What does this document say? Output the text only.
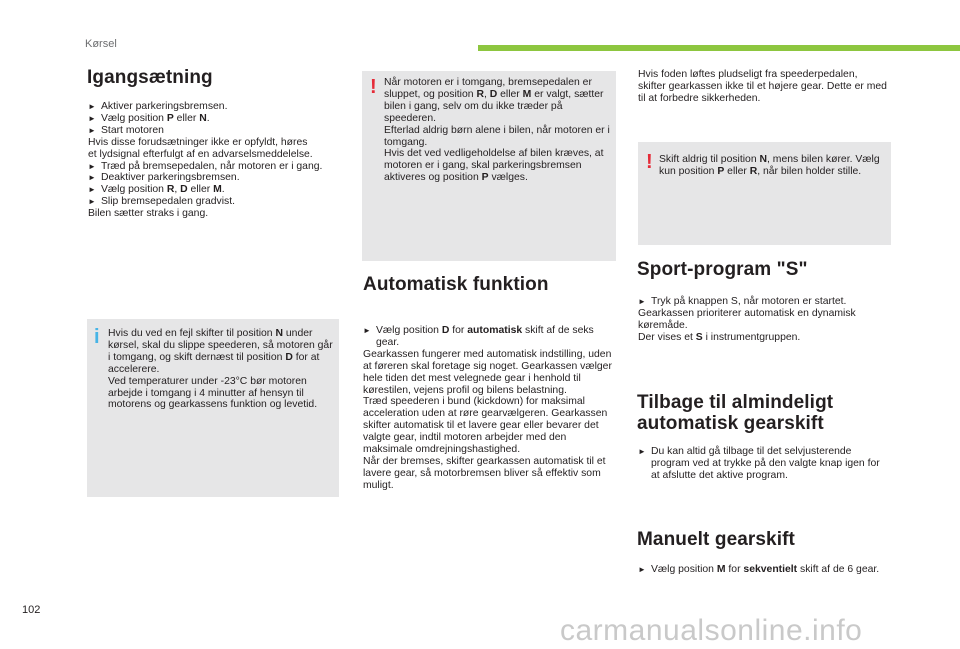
Kørsel
Igangsætning

►
Aktiver parkeringsbremsen.

►
Vælg position P eller N.

►
Start motoren

Hvis disse forudsætninger ikke er opfyldt, høres et lydsignal efterfulgt af en advarselsmeddelelse.

►
Træd på bremsepedalen, når motoren er i gang.

►
Deaktiver parkeringsbremsen.

►
Vælg position R, D eller M.

►
Slip bremsepedalen gradvist.

Bilen sætter straks i gang.

i Hvis du ved en fejl skifter til position N under kørsel, skal du slippe speederen, så motoren går i tomgang, og skift dernæst til position D for at accelerere.

Ved temperaturer under -23°C bør motoren arbejde i tomgang i 4 minutter af hensyn til motorens og gearkassens funktion og levetid.

! Når motoren er i tomgang, bremsepedalen er sluppet, og position R, D eller M er valgt, sætter bilen i gang, selv om du ikke træder på speederen.

Efterlad aldrig børn alene i bilen, når motoren er i tomgang.

Hvis det ved vedligeholdelse af bilen kræves, at motoren er i gang, skal parkeringsbremsen aktiveres og position P vælges.

Automatisk funktion

►
Vælg position D for automatisk skift af de seks gear.

Gearkassen fungerer med automatisk indstilling, uden at føreren skal foretage sig noget. Gearkassen vælger hele tiden det mest velegnede gear i henhold til kørestilen, vejens profil og bilens belastning.

Træd speederen i bund (kickdown) for maksimal acceleration uden at røre gearvælgeren. Gearkassen skifter automatisk til et lavere gear eller bevarer det valgte gear, indtil motoren arbejder med den maksimale omdrejningshastighed.

Når der bremses, skifter gearkassen automatisk til et lavere gear, så motorbremsen bliver så effektiv som muligt.

Hvis foden løftes pludseligt fra speederpedalen, skifter gearkassen ikke til et højere gear. Dette er med til at forbedre sikkerheden.
! Skift aldrig til position N, mens bilen kører. Vælg kun position P eller R, når bilen holder stille.

Sport-program "S"

►
Tryk på knappen S, når motoren er startet.

Gearkassen prioriterer automatisk en dynamisk køremåde.

Der vises et S i instrumentgruppen.

Tilbage til almindeligt
automatisk gearskift

►
Du kan altid gå tilbage til det selvjusterende program ved at trykke på den valgte knap igen for at afslutte det aktive program.

Manuelt gearskift

►
Vælg position M for sekventielt skift af de 6 gear.

102
carmanualsonline.info
